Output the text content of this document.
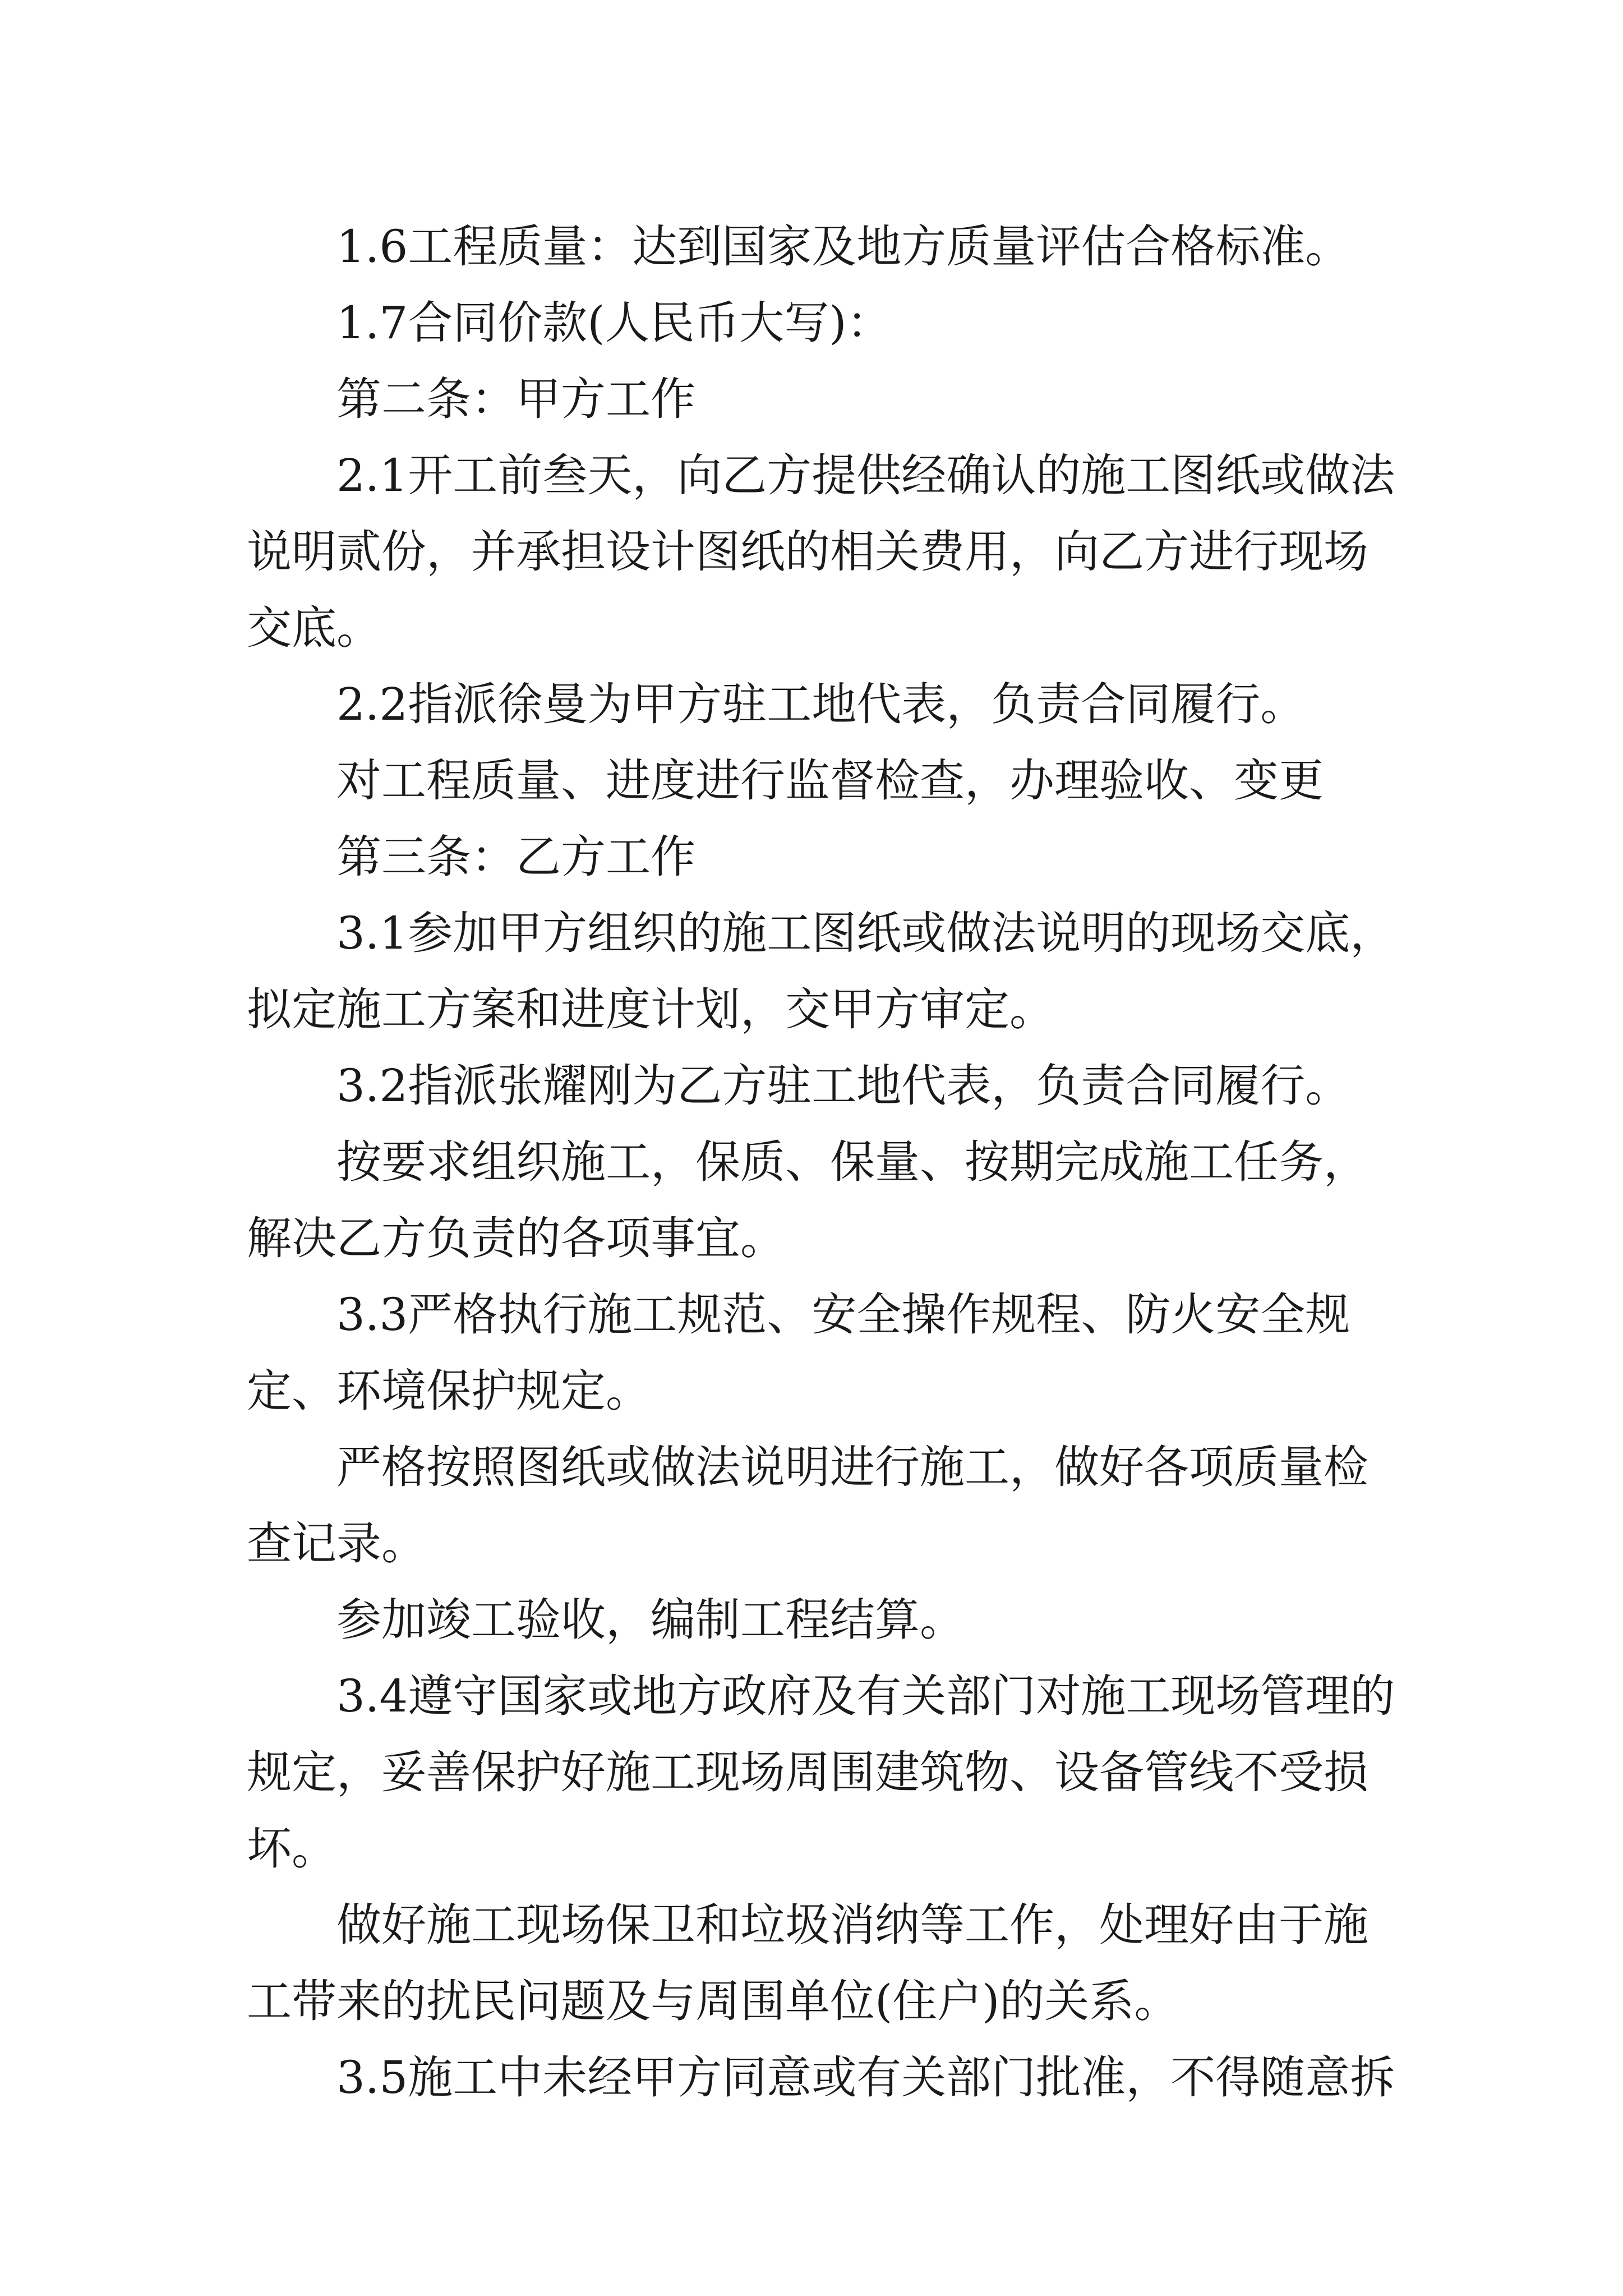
1.6工程质量：达到国家及地方质量评估合格标准。

1.7合同价款(人民币大写)：

第二条：甲方工作

2.1开工前叁天，向乙方提供经确认的施工图纸或做法说明贰份，并承担设计图纸的相关费用，向乙方进行现场交底。

2.2指派徐曼为甲方驻工地代表，负责合同履行。

对工程质量、进度进行监督检查，办理验收、变更

第三条：乙方工作

3.1参加甲方组织的施工图纸或做法说明的现场交底，拟定施工方案和进度计划，交甲方审定。

3.2指派张耀刚为乙方驻工地代表，负责合同履行。

按要求组织施工，保质、保量、按期完成施工任务，解决乙方负责的各项事宜。

3.3严格执行施工规范、安全操作规程、防火安全规定、环境保护规定。

严格按照图纸或做法说明进行施工，做好各项质量检查记录。

参加竣工验收，编制工程结算。

3.4遵守国家或地方政府及有关部门对施工现场管理的规定，妥善保护好施工现场周围建筑物、设备管线不受损坏。

做好施工现场保卫和垃圾消纳等工作，处理好由于施工带来的扰民问题及与周围单位(住户)的关系。

3.5施工中未经甲方同意或有关部门批准，不得随意拆
